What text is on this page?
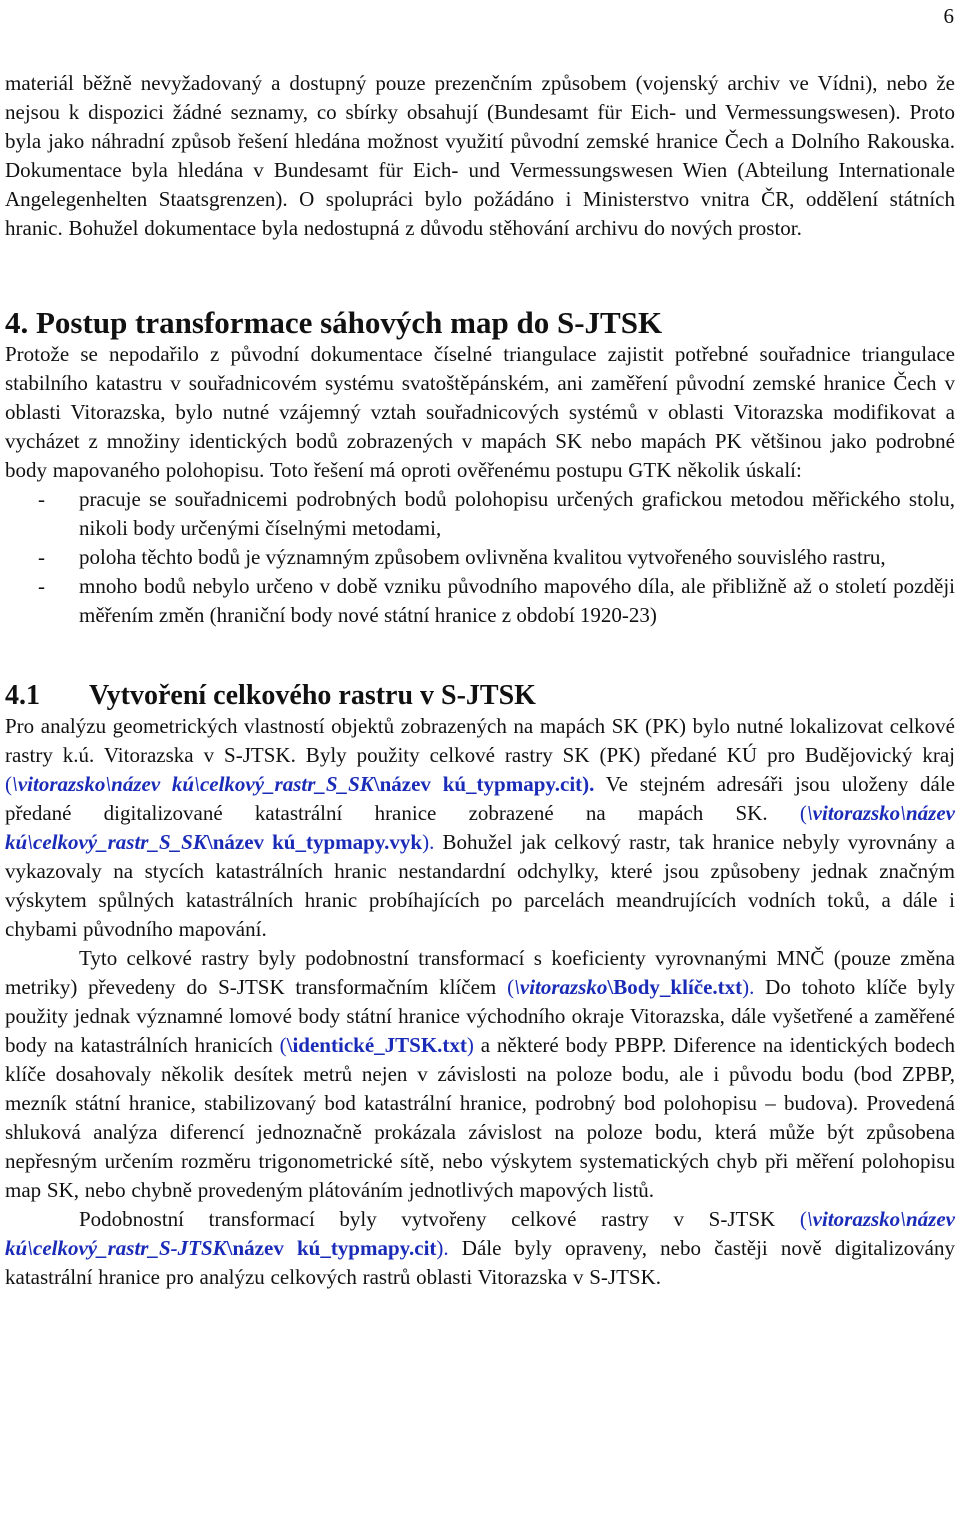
6

materiál běžně nevyžadovaný a dostupný pouze prezenčním způsobem (vojenský archiv ve Vídni), nebo že nejsou k dispozici žádné seznamy, co sbírky obsahují (Bundesamt für Eich- und Vermessungswesen). Proto byla jako náhradní způsob řešení hledána možnost využití původní zemské hranice Čech a Dolního Rakouska. Dokumentace byla hledána v Bundesamt für Eich- und Vermessungswesen Wien (Abteilung Internationale Angelegenhelten Staatsgrenzen). O spolupráci bylo požádáno i Ministerstvo vnitra ČR, oddělení státních hranic. Bohužel dokumentace byla nedostupná z důvodu stěhování archivu do nových prostor.

4. Postup transformace sáhových map do S-JTSK

Protože se nepodařilo z původní dokumentace číselné triangulace zajistit potřebné souřadnice triangulace stabilního katastru v souřadnicovém systému svatoštěpánském, ani zaměření původní zemské hranice Čech v oblasti Vitorazska, bylo nutné vzájemný vztah souřadnicových systémů v oblasti Vitorazska modifikovat a vycházet z množiny identických bodů zobrazených v mapách SK nebo mapách PK většinou jako podrobné body mapovaného polohopisu. Toto řešení má oproti ověřenému postupu GTK několik úskalí:

- pracuje se souřadnicemi podrobných bodů polohopisu určených grafickou metodou měřického stolu, nikoli body určenými číselnými metodami,
- poloha těchto bodů je významným způsobem ovlivněna kvalitou vytvořeného souvislého rastru,
- mnoho bodů nebylo určeno v době vzniku původního mapového díla, ale přibližně až o století později měřením změn (hraniční body nové státní hranice z období 1920-23)
4.1 Vytvoření celkového rastru v S-JTSK

Pro analýzu geometrických vlastností objektů zobrazených na mapách SK (PK) bylo nutné lokalizovat celkové rastry k.ú. Vitorazska v S-JTSK. Byly použity celkové rastry SK (PK) předané KÚ pro Budějovický kraj (\vitorazsko\název kú\celkový_rastr_S_SK\název kú_typmapy.cit). Ve stejném adresáři jsou uloženy dále předané digitalizované katastrální hranice zobrazené na mapách SK. (\vitorazsko\název kú\celkový_rastr_S_SK\název kú_typmapy.vyk). Bohužel jak celkový rastr, tak hranice nebyly vyrovnány a vykazovaly na stycích katastrálních hranic nestandardní odchylky, které jsou způsobeny jednak značným výskytem spůlných katastrálních hranic probíhajících po parcelách meandrujících vodních toků, a dále i chybami původního mapování.

Tyto celkové rastry byly podobnostní transformací s koeficienty vyrovnanými MNČ (pouze změna metriky) převedeny do S-JTSK transformačním klíčem (\vitorazsko\Body_klíče.txt). Do tohoto klíče byly použity jednak významné lomové body státní hranice východního okraje Vitorazska, dále vyšetřené a zaměřené body na katastrálních hranicích (\identické_JTSK.txt) a některé body PBPP. Diference na identických bodech klíče dosahovaly několik desítek metrů nejen v závislosti na poloze bodu, ale i původu bodu (bod ZPBP, mezník státní hranice, stabilizovaný bod katastrální hranice, podrobný bod polohopisu – budova). Provedená shluková analýza diferencí jednoznačně prokázala závislost na poloze bodu, která může být způsobena nepřesným určením rozměru trigonometrické sítě, nebo výskytem systematických chyb při měření polohopisu map SK, nebo chybně provedeným plátováním jednotlivých mapových listů.

Podobnostní transformací byly vytvořeny celkové rastry v S-JTSK (\vitorazsko\název kú\celkový_rastr_S-JTSK\název kú_typmapy.cit). Dále byly opraveny, nebo častěji nově digitalizovány katastrální hranice pro analýzu celkových rastrů oblasti Vitorazska v S-JTSK.
